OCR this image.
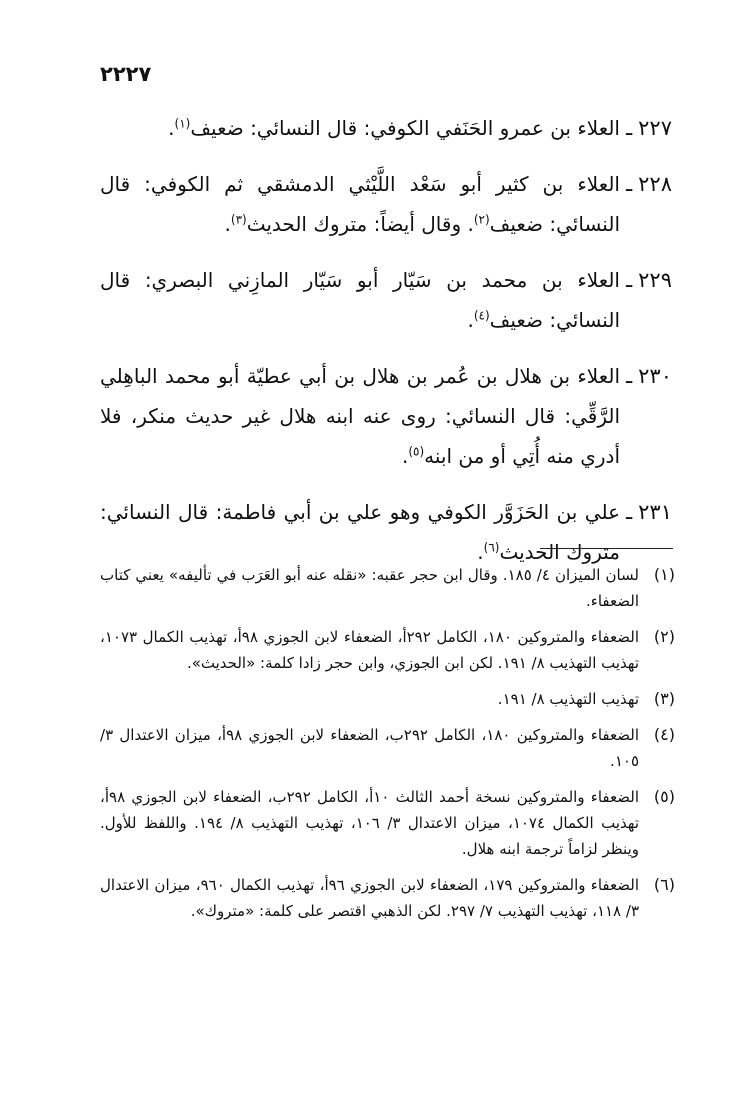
٢٢٢٧
٢٢٧
ـ
العلاء بن عمرو الحَنَفي الكوفي: قال النسائي: ضعيف$^{(١)}$.
٢٢٨
ـ
العلاء بن كثير أبو سَعْد اللَّيْثي الدمشقي ثم الكوفي: قال النسائي: ضعيف$^{(٢)}$. وقال أيضاً: متروك الحديث$^{(٣)}$.
٢٢٩
ـ
العلاء بن محمد بن سَيّار أبو سَيّار المازِني البصري: قال النسائي: ضعيف$^{(٤)}$.
٢٣٠
ـ
العلاء بن هلال بن عُمر بن هلال بن أبي عطيّة أبو محمد الباهِلي الرَّقِّي: قال النسائي: روى عنه ابنه هلال غير حديث منكر، فلا أدري منه أُتِي أو من ابنه$^{(٥)}$.
٢٣١
ـ
علي بن الحَزَوَّر الكوفي وهو علي بن أبي فاطمة: قال النسائي: متروك الحديث$^{(٦)}$.
(١)
لسان الميزان ٤/ ١٨٥. وقال ابن حجر عقبه: «نقله عنه أبو العَرَب في تأليفه» يعني كتاب الضعفاء.
(٢)
الضعفاء والمتروكين ١٨٠، الكامل ٢٩٢أ، الضعفاء لابن الجوزي ٩٨أ، تهذيب الكمال ١٠٧٣، تهذيب التهذيب ٨/ ١٩١. لكن ابن الجوزي، وابن حجر زادا كلمة: «الحديث».
(٣)
تهذيب التهذيب ٨/ ١٩١.
(٤)
الضعفاء والمتروكين ١٨٠، الكامل ٢٩٢ب، الضعفاء لابن الجوزي ٩٨أ، ميزان الاعتدال ٣/ ١٠٥.
(٥)
الضعفاء والمتروكين نسخة أحمد الثالث ١٠أ، الكامل ٢٩٢ب، الضعفاء لابن الجوزي ٩٨أ، تهذيب الكمال ١٠٧٤، ميزان الاعتدال ٣/ ١٠٦، تهذيب التهذيب ٨/ ١٩٤. واللفظ للأول. وينظر لزاماً ترجمة ابنه هلال.
(٦)
الضعفاء والمتروكين ١٧٩، الضعفاء لابن الجوزي ٩٦أ، تهذيب الكمال ٩٦٠، ميزان الاعتدال ٣/ ١١٨، تهذيب التهذيب ٧/ ٢٩٧. لكن الذهبي اقتصر على كلمة: «متروك».
